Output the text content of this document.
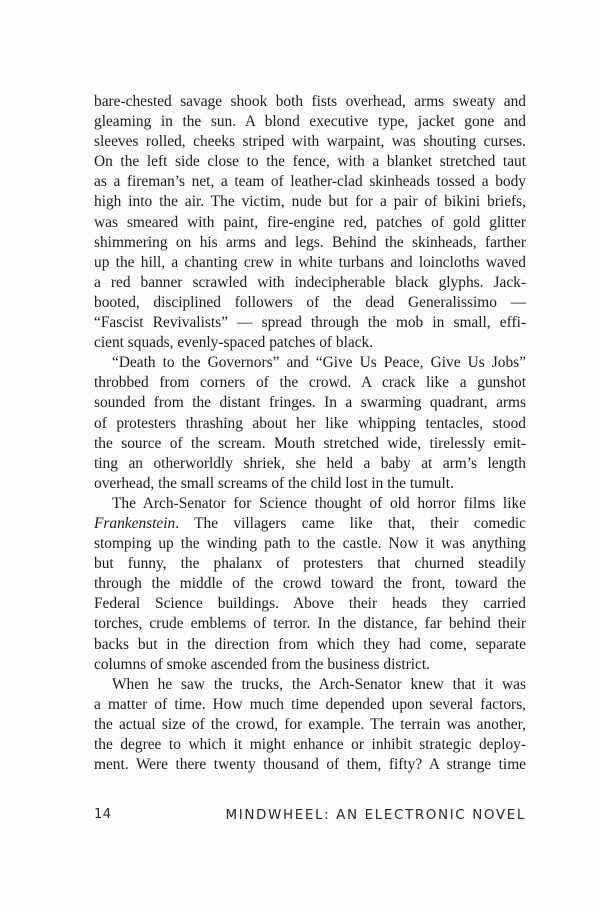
bare-chested savage shook both fists overhead, arms sweaty and
gleaming in the sun. A blond executive type, jacket gone and
sleeves rolled, cheeks striped with warpaint, was shouting curses.
On the left side close to the fence, with a blanket stretched taut
as a fireman’s net, a team of leather-clad skinheads tossed a body
high into the air. The victim, nude but for a pair of bikini briefs,
was smeared with paint, fire-engine red, patches of gold glitter
shimmering on his arms and legs. Behind the skinheads, farther
up the hill, a chanting crew in white turbans and loincloths waved
a red banner scrawled with indecipherable black glyphs. Jack-
booted, disciplined followers of the dead Generalissimo —
“Fascist Revivalists” — spread through the mob in small, effi-
cient squads, evenly-spaced patches of black.
“Death to the Governors” and “Give Us Peace, Give Us Jobs”
throbbed from corners of the crowd. A crack like a gunshot
sounded from the distant fringes. In a swarming quadrant, arms
of protesters thrashing about her like whipping tentacles, stood
the source of the scream. Mouth stretched wide, tirelessly emit-
ting an otherworldly shriek, she held a baby at arm’s length
overhead, the small screams of the child lost in the tumult.
The Arch-Senator for Science thought of old horror films like
Frankenstein. The villagers came like that, their comedic
stomping up the winding path to the castle. Now it was anything
but funny, the phalanx of protesters that churned steadily
through the middle of the crowd toward the front, toward the
Federal Science buildings. Above their heads they carried
torches, crude emblems of terror. In the distance, far behind their
backs but in the direction from which they had come, separate
columns of smoke ascended from the business district.
When he saw the trucks, the Arch-Senator knew that it was
a matter of time. How much time depended upon several factors,
the actual size of the crowd, for example. The terrain was another,
the degree to which it might enhance or inhibit strategic deploy-
ment. Were there twenty thousand of them, fifty? A strange time
14	MINDWHEEL: AN ELECTRONIC NOVEL
